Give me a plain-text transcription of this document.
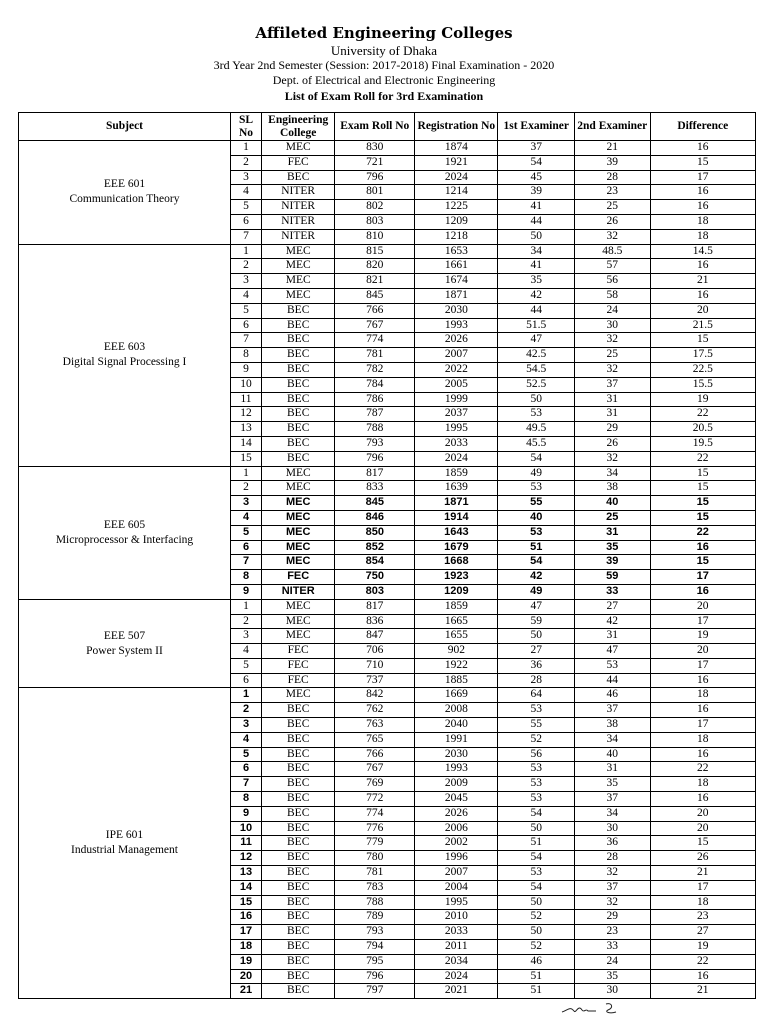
Affileted Engineering Colleges
University of Dhaka
3rd Year 2nd Semester (Session: 2017-2018) Final Examination - 2020
Dept. of Electrical and Electronic Engineering
List of Exam Roll for 3rd Examination
Subject	SL No	Engineering College	Exam Roll No	Registration No	1st Examiner	2nd Examiner	Difference

EEE 601
Communication Theory	1	MEC	830	1874	37	21	16
	2	FEC	721	1921	54	39	15
	3	BEC	796	2024	45	28	17
	4	NITER	801	1214	39	23	16
	5	NITER	802	1225	41	25	16
	6	NITER	803	1209	44	26	18
	7	NITER	810	1218	50	32	18

EEE 603
Digital Signal Processing I	1	MEC	815	1653	34	48.5	14.5
	2	MEC	820	1661	41	57	16
	3	MEC	821	1674	35	56	21
	4	MEC	845	1871	42	58	16
	5	BEC	766	2030	44	24	20
	6	BEC	767	1993	51.5	30	21.5
	7	BEC	774	2026	47	32	15
	8	BEC	781	2007	42.5	25	17.5
	9	BEC	782	2022	54.5	32	22.5
	10	BEC	784	2005	52.5	37	15.5
	11	BEC	786	1999	50	31	19
	12	BEC	787	2037	53	31	22
	13	BEC	788	1995	49.5	29	20.5
	14	BEC	793	2033	45.5	26	19.5
	15	BEC	796	2024	54	32	22

EEE 605
Microprocessor & Interfacing	1	MEC	817	1859	49	34	15
	2	MEC	833	1639	53	38	15
	3	MEC	845	1871	55	40	15
	4	MEC	846	1914	40	25	15
	5	MEC	850	1643	53	31	22
	6	MEC	852	1679	51	35	16
	7	MEC	854	1668	54	39	15
	8	FEC	750	1923	42	59	17
	9	NITER	803	1209	49	33	16

EEE 507
Power System II	1	MEC	817	1859	47	27	20
	2	MEC	836	1665	59	42	17
	3	MEC	847	1655	50	31	19
	4	FEC	706	902	27	47	20
	5	FEC	710	1922	36	53	17
	6	FEC	737	1885	28	44	16

IPE 601
Industrial Management	1	MEC	842	1669	64	46	18
	2	BEC	762	2008	53	37	16
	3	BEC	763	2040	55	38	17
	4	BEC	765	1991	52	34	18
	5	BEC	766	2030	56	40	16
	6	BEC	767	1993	53	31	22
	7	BEC	769	2009	53	35	18
	8	BEC	772	2045	53	37	16
	9	BEC	774	2026	54	34	20
	10	BEC	776	2006	50	30	20
	11	BEC	779	2002	51	36	15
	12	BEC	780	1996	54	28	26
	13	BEC	781	2007	53	32	21
	14	BEC	783	2004	54	37	17
	15	BEC	788	1995	50	32	18
	16	BEC	789	2010	52	29	23
	17	BEC	793	2033	50	23	27
	18	BEC	794	2011	52	33	19
	19	BEC	795	2034	46	24	22
	20	BEC	796	2024	51	35	16
	21	BEC	797	2021	51	30	21
